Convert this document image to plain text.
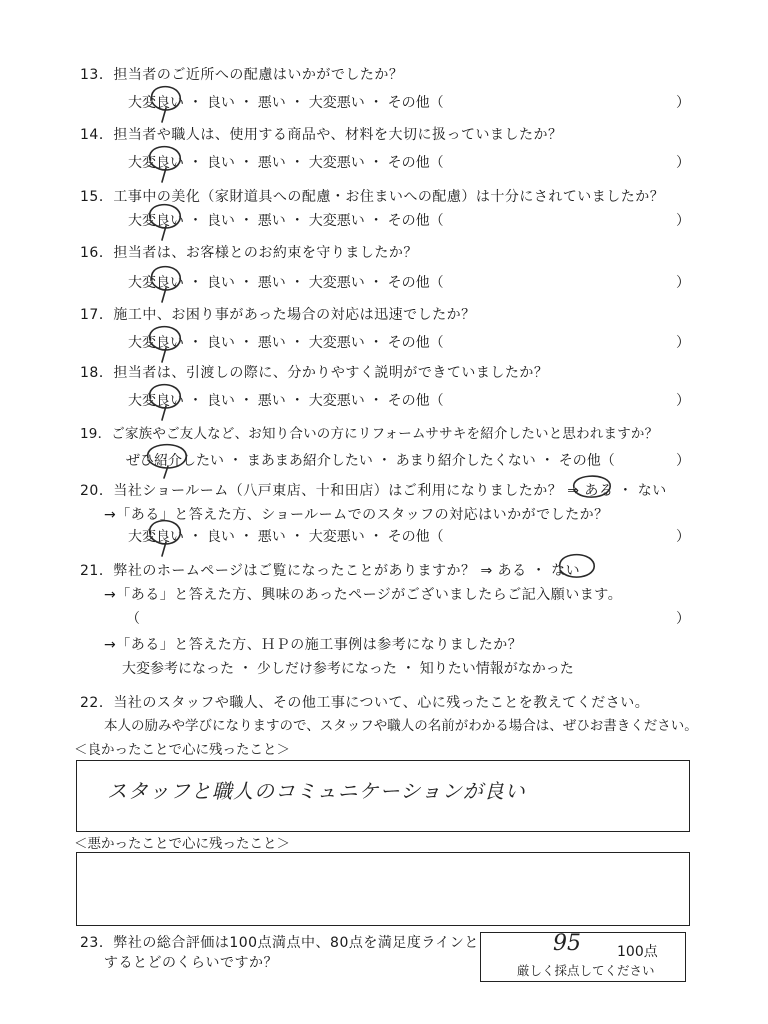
13．担当者のご近所への配慮はいかがでしたか？
大変良い ・ 良い ・ 悪い ・ 大変悪い ・ その他（	）
14．担当者や職人は、使用する商品や、材料を大切に扱っていましたか？
大変良い ・ 良い ・ 悪い ・ 大変悪い ・ その他（	）
15．工事中の美化（家財道具への配慮・お住まいへの配慮）は十分にされていましたか？
大変良い ・ 良い ・ 悪い ・ 大変悪い ・ その他（	）
16．担当者は、お客様とのお約束を守りましたか？
大変良い ・ 良い ・ 悪い ・ 大変悪い ・ その他（	）
17．施工中、お困り事があった場合の対応は迅速でしたか？
大変良い ・ 良い ・ 悪い ・ 大変悪い ・ その他（	）
18．担当者は、引渡しの際に、分かりやすく説明ができていましたか？
大変良い ・ 良い ・ 悪い ・ 大変悪い ・ その他（	）
19．ご家族やご友人など、お知り合いの方にリフォームササキを紹介したいと思われますか？
ぜひ紹介したい ・ まあまあ紹介したい ・ あまり紹介したくない ・ その他（	）
20．当社ショールーム（八戸東店、十和田店）はご利用になりましたか？ ⇒ ある ・ ない
→「ある」と答えた方、ショールームでのスタッフの対応はいかがでしたか？
大変良い ・ 良い ・ 悪い ・ 大変悪い ・ その他（	）
21．弊社のホームページはご覧になったことがありますか？ ⇒ ある ・ ない
→「ある」と答えた方、興味のあったページがございましたらご記入願います。
（	）
→「ある」と答えた方、ＨＰの施工事例は参考になりましたか？
大変参考になった ・ 少しだけ参考になった ・ 知りたい情報がなかった
22．当社のスタッフや職人、その他工事について、心に残ったことを教えてください。
本人の励みや学びになりますので、スタッフや職人の名前がわかる場合は、ぜひお書きください。
＜良かったことで心に残ったこと＞
スタッフと職人のコミュニケーションが良い
＜悪かったことで心に残ったこと＞
23．弊社の総合評価は100点満点中、80点を満足度ラインと
するとどのくらいですか？
95	100点
厳しく採点してください
